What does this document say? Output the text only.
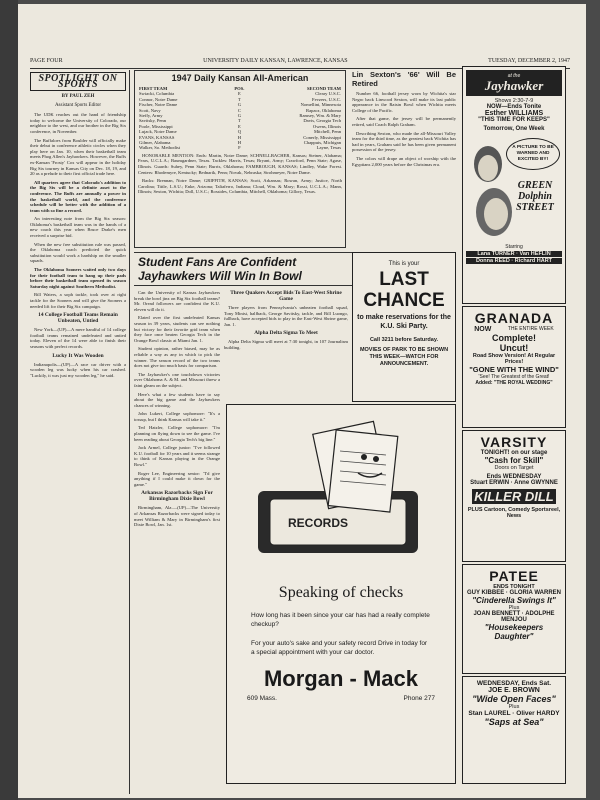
PAGE FOUR	UNIVERSITY DAILY KANSAN, LAWRENCE, KANSAS	TUESDAY, DECEMBER 2, 1947
SPOTLIGHT ON SPORTS

BY PAUL ZEH

Assistant Sports Editor

The UDK reaches out the hand of friendship today to welcome the University of Colorado, our neighbor to the west, and our brother in the Big Six conference, in November.

The Buffaloes from Boulder will officially make their debut in conference athletic circles when they play here on Jan. 10, when their basketball team meets Phog Allen's Jayhawkers. However, the Buffs ex-Kansan 'Frosty' Cox will appear in the holiday Big Six tourney in Kansas City on Dec. 18, 19, and 20 as a prelude to their first official trade here.

All quarters agree that Colorado's addition to the Big Six will be a definite asset to the conference. The Buffs are annually a power in the basketball world, and the conference schedule will be better with the addition of a team with so fine a record.

An interesting note from the Big Six season: Oklahoma's basketball team was in the hands of a new coach this year when Bruce Drake's men received a surprise bid.

When the new free substitution rule was passed, the Oklahoma coach predicted the quick substitution would work a hardship on the smaller squads.

The Oklahoma Sooners waited only two days for their football team to hang up their pads before their basketball team opened its season Saturday night against Southern Methodist.

Bill Waters, a soph tackle, took over at right tackle for the Sooners and will give the Sooners a needed lift for their Big Six campaign.

14 College Football Teams Remain Unbeaten, Untied

New York—(UP)—A mere handful of 14 college football teams remained undefeated and untied today. Eleven of the 14 were able to finish their seasons with perfect records.

Lucky It Was Wooden

Indianapolis—(UP)—A race car driver with a wooden leg was lucky when his car crashed. "Luckily, it was just my wooden leg," he said.

1947 Daily Kansan All-American
FIRST TEAM	POS.	SECOND TEAM
Swiacki, Columbia	E	Cleary U.S.C.
Connor, Notre Dame	T	Fevzers, U.S.C.
Fischer, Notre Dame	G	Nomellini, Minnesota
Scott, Navy	C	Rapacz, Oklahoma
Steffy, Army	G	Ramsey, Wm. & Mary
Savitsky, Penn	T	Davis, Georgia Tech
Poole, Mississippi	E	Owens, Illinois
Lujack, Notre Dame	Q	Mitchell, Penn
EVANS, KANSAS	H	Conerly, Mississippi
Gilmer, Alabama	H	Chappuis, Michigan
Walker, So. Methodist	F	Layne, Texas

HONORABLE MENTION: Ends: Martin, Notre Dame; SCHNELLBACHER, Kansas; Steiner, Alabama; Fears, U.C.L.A.; Baumgardner, Texas. Tackles: Harris, Texas; Bryant, Army; Crawford, Penn State; Agase, Illinois. Guards: Suhey, Penn State; Burris, Oklahoma; FAMBROUGH, KANSAS; Lindley, Wake Forest. Centers: Rhodemyre, Kentucky; Bednarik, Penn; Novak, Nebraska; Strohmeyer, Notre Dame.

Backs: Brennan, Notre Dame; GRIFFITH, KANSAS; Scott, Arkansas; Rowan, Army; Justice, North Carolina; Tittle, L.S.U.; Enke, Arizona; Taliaferro, Indiana; Cloud, Wm. & Mary; Rossi, U.C.L.A.; Mann, Illinois; Sexton, Wichita; Doll, U.S.C.; Rossides, Columbia, Mitchell, Oklahoma; Gillory, Texas.

Lin Sexton's '66' Will Be Retired

Number 66, football jersey worn by Wichita's star Negro back Linwood Sexton, will make its last public appearance in the Raisin Bowl when Wichita meets College of the Pacific.

After that game, the jersey will be permanently retired, said Coach Ralph Graham.

Describing Sexton, who made the all-Missouri Valley team for the third time, as the greatest back Wichita has had in years, Graham said he has been given permanent possession of the jersey.

The colors will drape an object of worship with the Egyptians 2,000 years before the Christmas era.

Student Fans Are Confident Jayhawkers Will Win In Bowl

Can the University of Kansas Jayhawkers break the bowl jinx on Big Six football teams? Mr. Oread followers are confident the K.U. eleven will do it.

Elated over the first undefeated Kansas season in 39 years, students can see nothing but victory for their favorite grid team when they face once beaten Georgia Tech in the Orange Bowl classic at Miami Jan. 1.

Student opinion, rather biased, may be as reliable a way as any in which to pick the winner. The season record of the two teams does not give too much basis for comparison.

The Jayhawker's one touchdown victories over Oklahoma A. & M. and Missouri threw a faint gleam on the subject.

Here's what a few students have to say about the big game and the Jayhawkers chances of winning.

John Lukert, College sophomore: "It's a tossup, but I think Kansas will take it."

Ted Hatzler, College sophomore: "I'm planning on flying down to see the game. I've been reading about Georgia Tech's big line."

Jack Armel, College junior: "I've followed K.U. football for 10 years and it seems strange to think of Kansas playing in the Orange Bowl."

Roger Lee, Engineering senior: "I'd give anything if I could make it down for the game."

Arkansas Razorbacks Sign For Birmingham Dixie Bowl

Birmingham, Ala.—(UP)—The University of Arkansas Razorbacks were signed today to meet William & Mary in Birmingham's first Dixie Bowl, Jan. 1st.

Three Quakers Accept Bids To East-West Shrine Game

Three players from Pennsylvania's unbeaten football squad, Tony Minisi, halfback, George Savitsky, tackle, and Bill Luongo, fullback, have accepted bids to play in the East-West Shrine game, Jan. 1.

Alpha Delta Sigma To Meet

Alpha Delta Sigma will meet at 7:30 tonight, in 107 Journalism building.

This is your
LAST CHANCE
to make reservations for the K.U. Ski Party.
Call 3211 before Saturday.
MOVIES OF PARK TO BE SHOWN THIS WEEK—WATCH FOR ANNOUNCEMENT.
RECORDS
Speaking of checks
How long has it been since your car has had a really complete checkup?
For your auto's sake and your safety record Drive in today for a special appointment with your car doctor.
Morgan - Mack
609 Mass.	Phone 277
at the
Jayhawker
Shows 2:30-7-9
NOW—Ends Tonite
Esther WILLIAMS
"THIS TIME FOR KEEPS"
Tomorrow, One Week
A PICTURE TO BE WARNED AND EXCITED BY!
GREEN Dolphin STREET
Starring
Lana TURNER · Van HEFLIN
Donna REED · Richard HART
GRANADA
NOW	THE ENTIRE WEEK
Complete!
Uncut!
Road Show Version! At Regular Prices!
"GONE WITH THE WIND"
'See! The Greatest of the Great!
Added: "THE ROYAL WEDDING"
VARSITY
TONIGHT! on our stage
"Cash for Skill"
Doors on Target
Ends WEDNESDAY
Stuart ERWIN · Anne GWYNNE
KILLER DILL
PLUS Cartoon, Comedy Sportsreel, News
PATEE
ENDS TONIGHT
GUY KIBBEE · GLORIA WARREN
"Cinderella Swings It"
Plus
JOAN BENNETT · ADOLPHE MENJOU
"Housekeepers Daughter"
WEDNESDAY, Ends Sat.
JOE E. BROWN
"Wide Open Faces"
Plus
Stan LAUREL · Oliver HARDY
"Saps at Sea"
